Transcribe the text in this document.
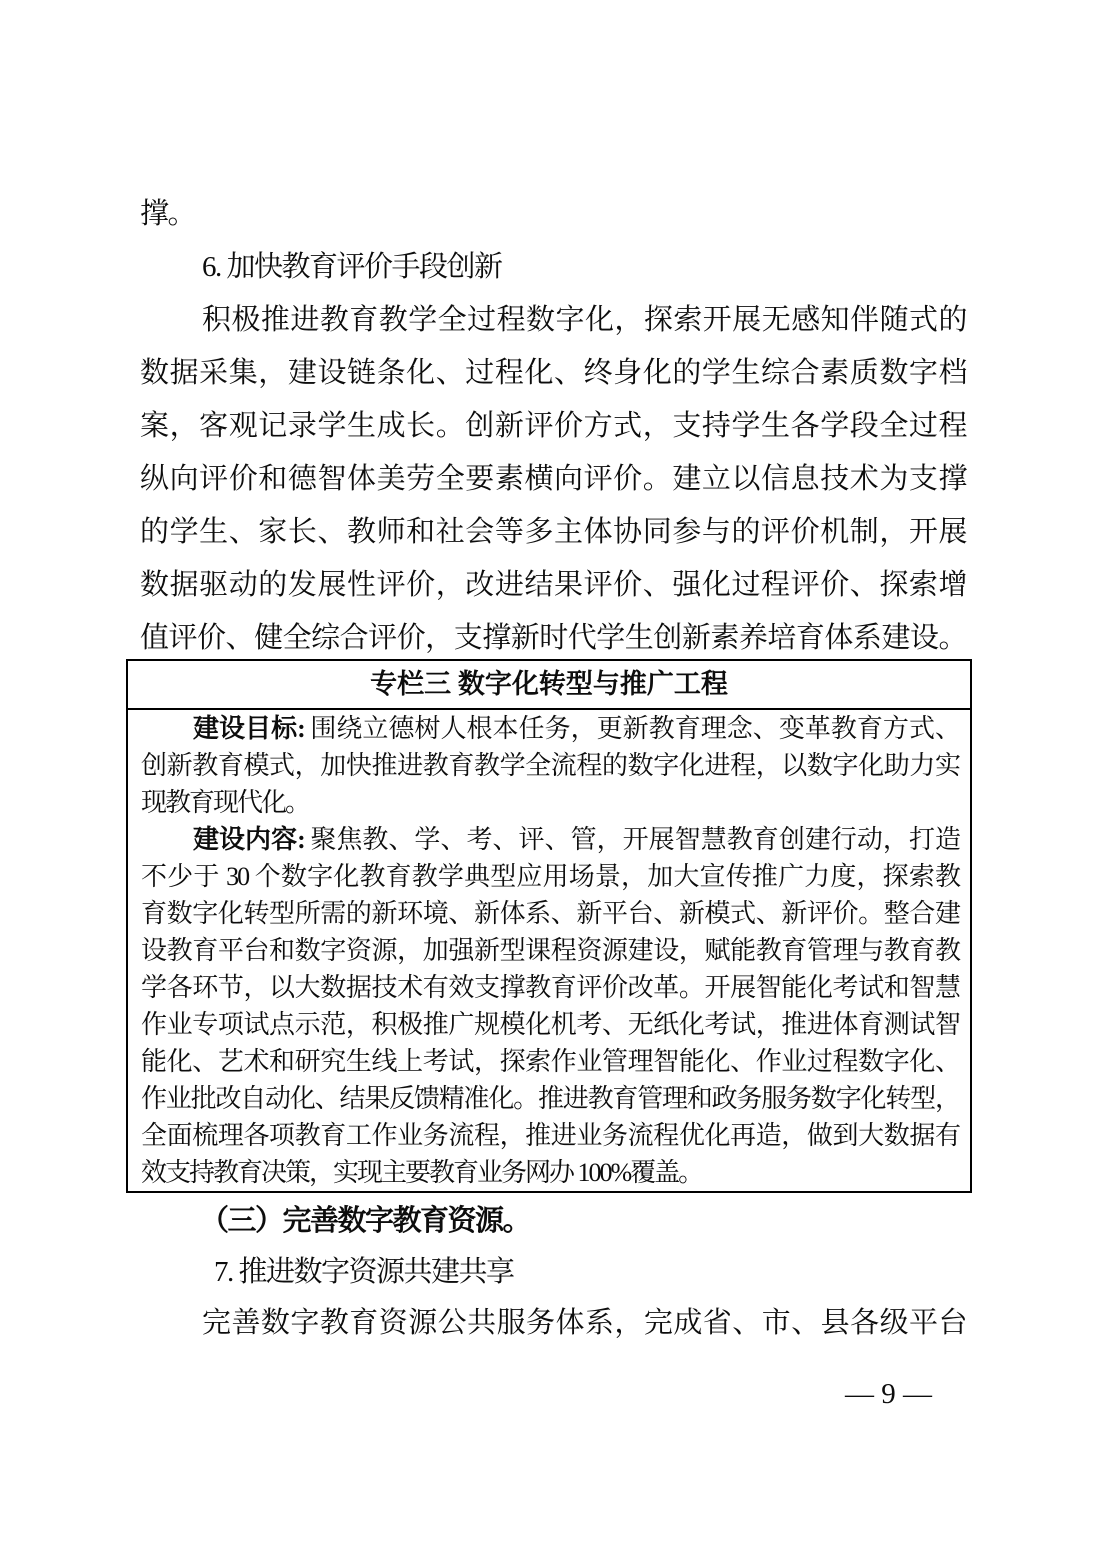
撑。
6. 加快教育评价手段创新
积极推进教育教学全过程数字化，探索开展无感知伴随式的
数据采集，建设链条化、过程化、终身化的学生综合素质数字档
案，客观记录学生成长。创新评价方式，支持学生各学段全过程
纵向评价和德智体美劳全要素横向评价。建立以信息技术为支撑
的学生、家长、教师和社会等多主体协同参与的评价机制，开展
数据驱动的发展性评价，改进结果评价、强化过程评价、探索增
值评价、健全综合评价，支撑新时代学生创新素养培育体系建设。
专栏三 数字化转型与推广工程
建设目标: 围绕立德树人根本任务，更新教育理念、变革教育方式、
创新教育模式，加快推进教育教学全流程的数字化进程，以数字化助力实
现教育现代化。
建设内容: 聚焦教、学、考、评、管，开展智慧教育创建行动，打造
不少于 30 个数字化教育教学典型应用场景，加大宣传推广力度，探索教
育数字化转型所需的新环境、新体系、新平台、新模式、新评价。整合建
设教育平台和数字资源，加强新型课程资源建设，赋能教育管理与教育教
学各环节，以大数据技术有效支撑教育评价改革。开展智能化考试和智慧
作业专项试点示范，积极推广规模化机考、无纸化考试，推进体育测试智
能化、艺术和研究生线上考试，探索作业管理智能化、作业过程数字化、
作业批改自动化、结果反馈精准化。推进教育管理和政务服务数字化转型，
全面梳理各项教育工作业务流程，推进业务流程优化再造，做到大数据有
效支持教育决策，实现主要教育业务网办 100%覆盖。
（三）完善数字教育资源。
7. 推进数字资源共建共享
完善数字教育资源公共服务体系，完成省、市、县各级平台
— 9 —
